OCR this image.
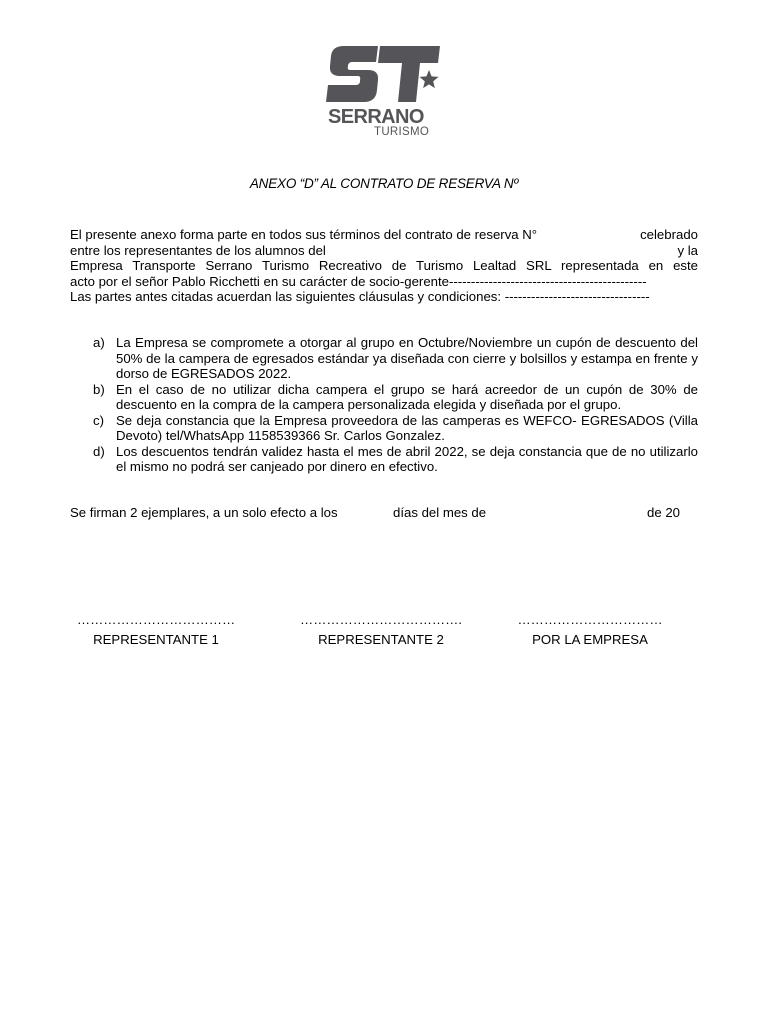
SERRANO
TURISMO
ANEXO “D” AL CONTRATO DE RESERVA Nº
El presente anexo forma parte en todos sus términos del contrato de reserva N°	celebrado
entre los representantes de los alumnos del	y la
Empresa Transporte Serrano Turismo Recreativo de Turismo Lealtad SRL representada en este
acto por el señor Pablo Ricchetti en su carácter de socio-gerente---------------------------------------------
Las partes antes citadas acuerdan las siguientes cláusulas y condiciones: ---------------------------------
a) La Empresa se compromete a otorgar al grupo en Octubre/Noviembre un cupón de descuento del 50% de la campera de egresados estándar ya diseñada con cierre y bolsillos y estampa en frente y dorso de EGRESADOS 2022.
b) En el caso de no utilizar dicha campera el grupo se hará acreedor de un cupón de 30% de descuento en la compra de la campera personalizada elegida y diseñada por el grupo.
c) Se deja constancia que la Empresa proveedora de las camperas es WEFCO- EGRESADOS (Villa Devoto) tel/WhatsApp 1158539366 Sr. Carlos Gonzalez.
d) Los descuentos tendrán validez hasta el mes de abril 2022, se deja constancia que de no utilizarlo el mismo no podrá ser canjeado por dinero en efectivo.
Se firman 2 ejemplares, a un solo efecto a los	días del mes de	de 20
………………………………
REPRESENTANTE 1
……………………………….
REPRESENTANTE 2
……………………………
POR LA EMPRESA
